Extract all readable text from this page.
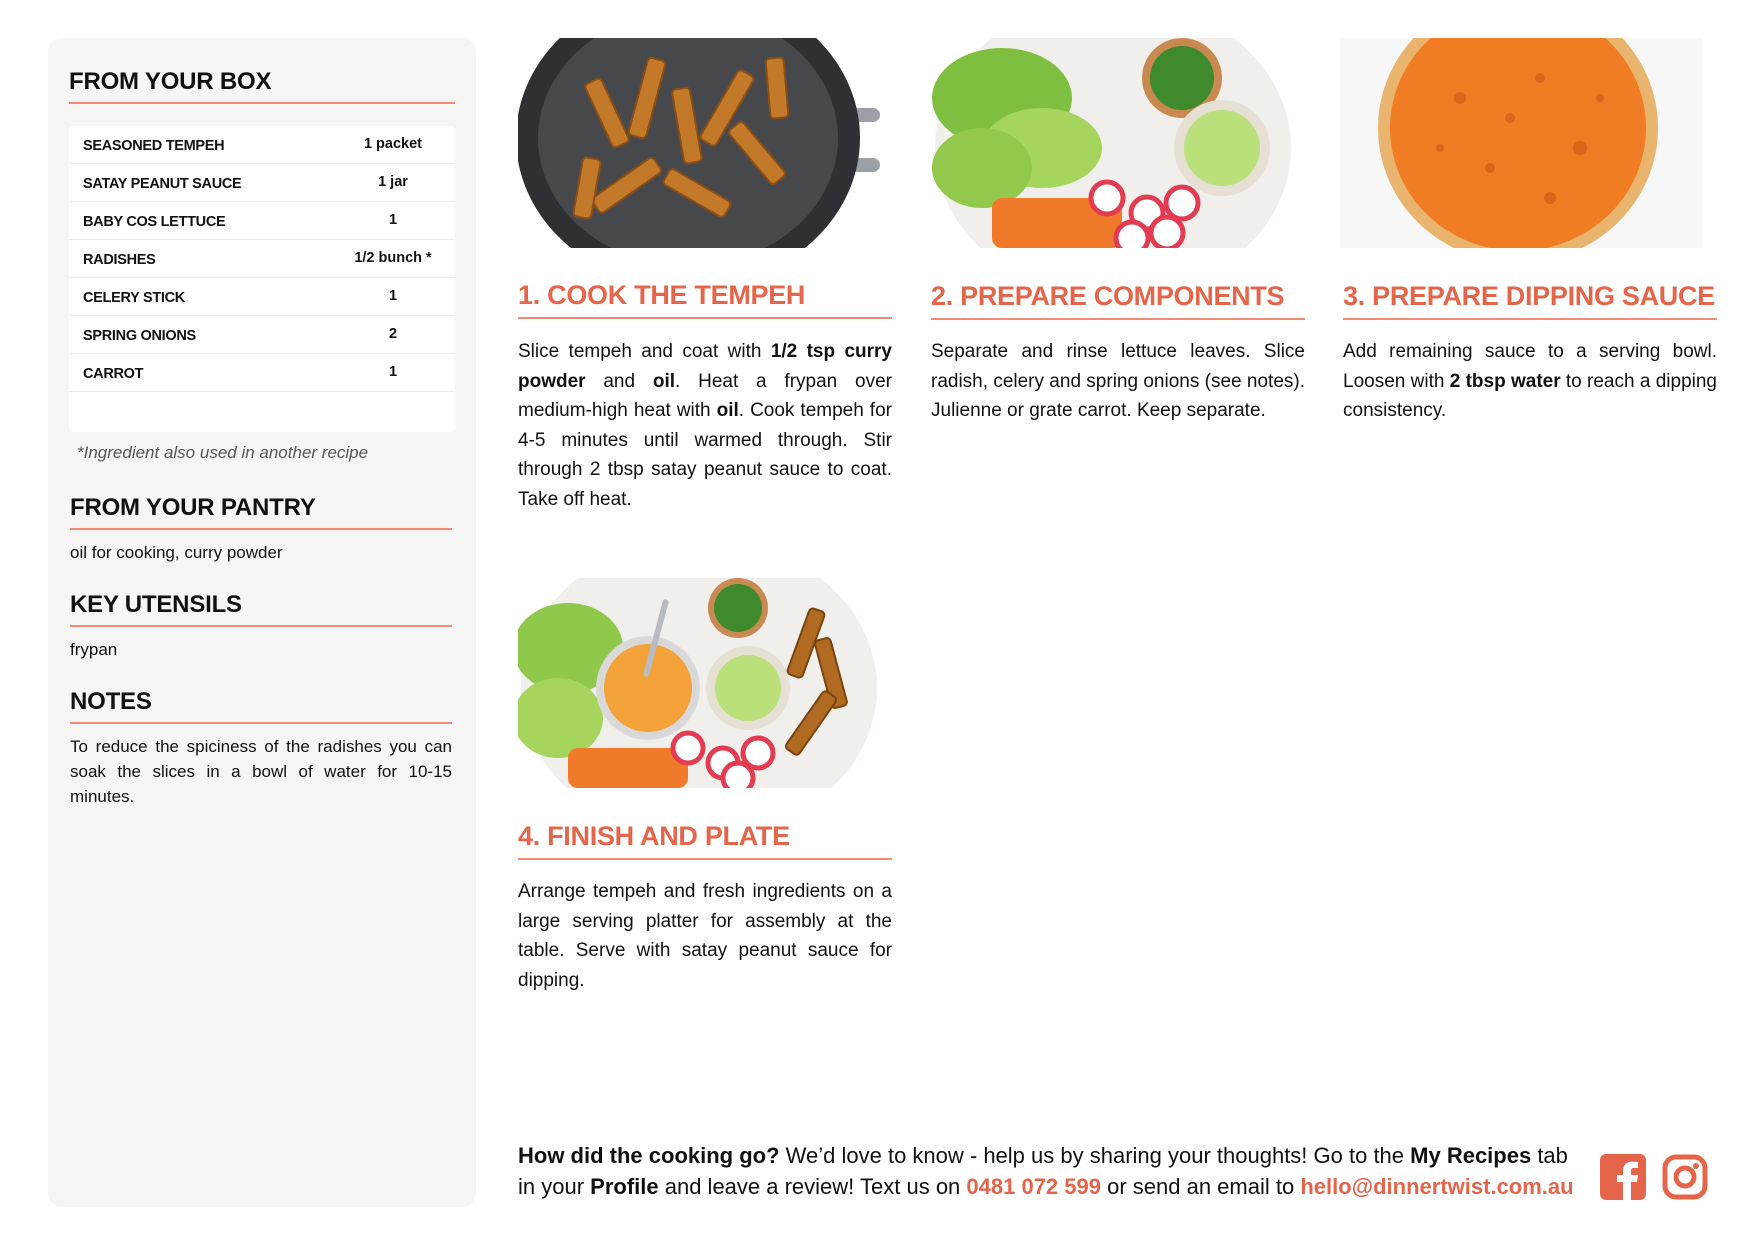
FROM YOUR BOX
SEASONED TEMPEH	1 packet
SATAY PEANUT SAUCE	1 jar
BABY COS LETTUCE	1
RADISHES	1/2 bunch *
CELERY STICK	1
SPRING ONIONS	2
CARROT	1

*Ingredient also used in another recipe

FROM YOUR PANTRY

oil for cooking, curry powder

KEY UTENSILS

frypan

NOTES

To reduce the spiciness of the radishes you can soak the slices in a bowl of water for 10-15 minutes.

1. COOK THE TEMPEH

Slice tempeh and coat with 1/2 tsp curry powder and oil. Heat a frypan over medium-high heat with oil. Cook tempeh for 4-5 minutes until warmed through. Stir through 2 tbsp satay peanut sauce to coat. Take off heat.

2. PREPARE COMPONENTS

Separate and rinse lettuce leaves. Slice radish, celery and spring onions (see notes). Julienne or grate carrot. Keep separate.

3. PREPARE DIPPING SAUCE

Add remaining sauce to a serving bowl. Loosen with 2 tbsp water to reach a dipping consistency.

4. FINISH AND PLATE

Arrange tempeh and fresh ingredients on a large serving platter for assembly at the table. Serve with satay peanut sauce for dipping.

How did the cooking go? We’d love to know - help us by sharing your thoughts! Go to the My Recipes tab in your Profile and leave a review! Text us on 0481 072 599 or send an email to hello@dinnertwist.com.au
